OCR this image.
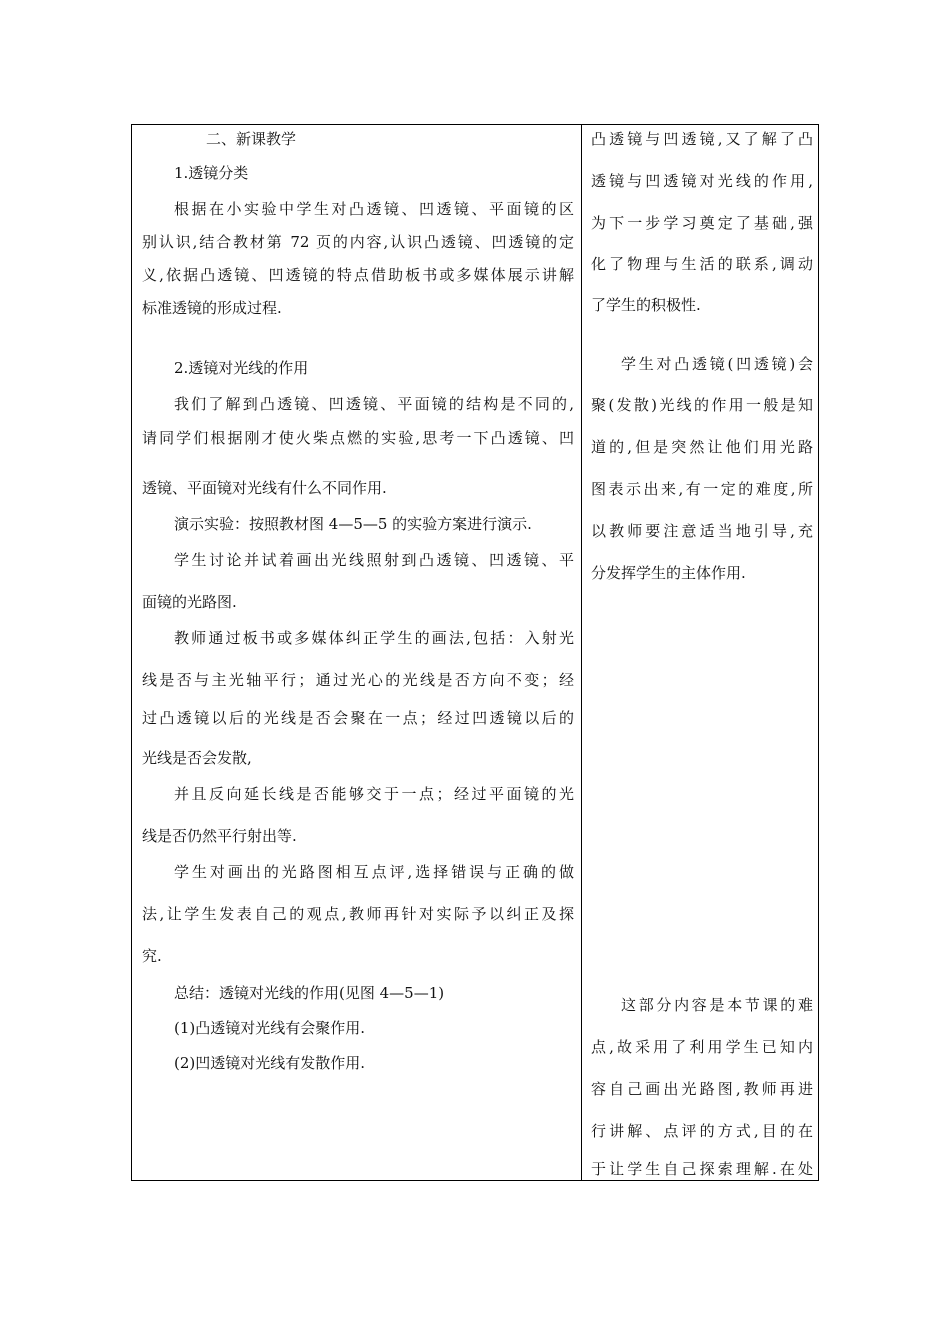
二、新课教学
1.透镜分类
根据在小实验中学生对凸透镜、凹透镜、平面镜的区
别认识,结合教材第 72 页的内容,认识凸透镜、凹透镜的定
义,依据凸透镜、凹透镜的特点借助板书或多媒体展示讲解
标准透镜的形成过程.
2.透镜对光线的作用
我们了解到凸透镜、凹透镜、平面镜的结构是不同的,
请同学们根据刚才使火柴点燃的实验,思考一下凸透镜、凹
透镜、平面镜对光线有什么不同作用.
演示实验：按照教材图 4—5—5 的实验方案进行演示.
学生讨论并试着画出光线照射到凸透镜、凹透镜、平
面镜的光路图.
教师通过板书或多媒体纠正学生的画法,包括：入射光
线是否与主光轴平行；通过光心的光线是否方向不变；经
过凸透镜以后的光线是否会聚在一点；经过凹透镜以后的
光线是否会发散,
并且反向延长线是否能够交于一点；经过平面镜的光
线是否仍然平行射出等.
学生对画出的光路图相互点评,选择错误与正确的做
法,让学生发表自己的观点,教师再针对实际予以纠正及探
究.
总结：透镜对光线的作用(见图 4—5—1)
(1)凸透镜对光线有会聚作用.
(2)凹透镜对光线有发散作用.
凸透镜与凹透镜,又了解了凸
透镜与凹透镜对光线的作用,
为下一步学习奠定了基础,强
化了物理与生活的联系,调动
了学生的积极性.
学生对凸透镜(凹透镜)会
聚(发散)光线的作用一般是知
道的,但是突然让他们用光路
图表示出来,有一定的难度,所
以教师要注意适当地引导,充
分发挥学生的主体作用.
这部分内容是本节课的难
点,故采用了利用学生已知内
容自己画出光路图,教师再进
行讲解、点评的方式,目的在
于让学生自己探索理解.在处
